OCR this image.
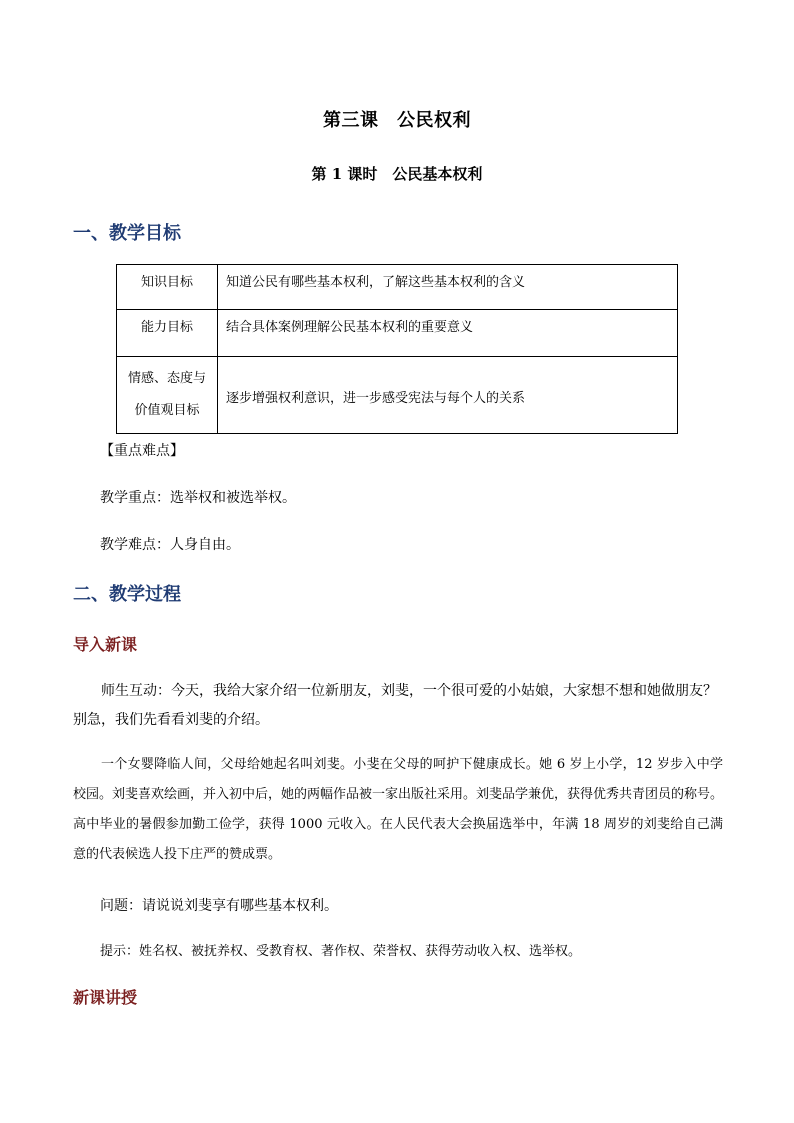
第三课　公民权利
第 1 课时　公民基本权利
一、教学目标
知识目标	知道公民有哪些基本权利，了解这些基本权利的含义
能力目标	结合具体案例理解公民基本权利的重要意义

情感、态度与
价值观目标	逐步增强权利意识，进一步感受宪法与每个人的关系
【重点难点】
教学重点：选举权和被选举权。
教学难点：人身自由。
二、教学过程
导入新课
师生互动：今天，我给大家介绍一位新朋友，刘斐，一个很可爱的小姑娘，大家想不想和她做朋友？别急，我们先看看刘斐的介绍。
一个女婴降临人间，父母给她起名叫刘斐。小斐在父母的呵护下健康成长。她 6 岁上小学，12 岁步入中学校园。刘斐喜欢绘画，并入初中后，她的两幅作品被一家出版社采用。刘斐品学兼优，获得优秀共青团员的称号。高中毕业的暑假参加勤工俭学，获得 1000 元收入。在人民代表大会换届选举中，年满 18 周岁的刘斐给自己满意的代表候选人投下庄严的赞成票。
问题：请说说刘斐享有哪些基本权利。
提示：姓名权、被抚养权、受教育权、著作权、荣誉权、获得劳动收入权、选举权。
新课讲授
